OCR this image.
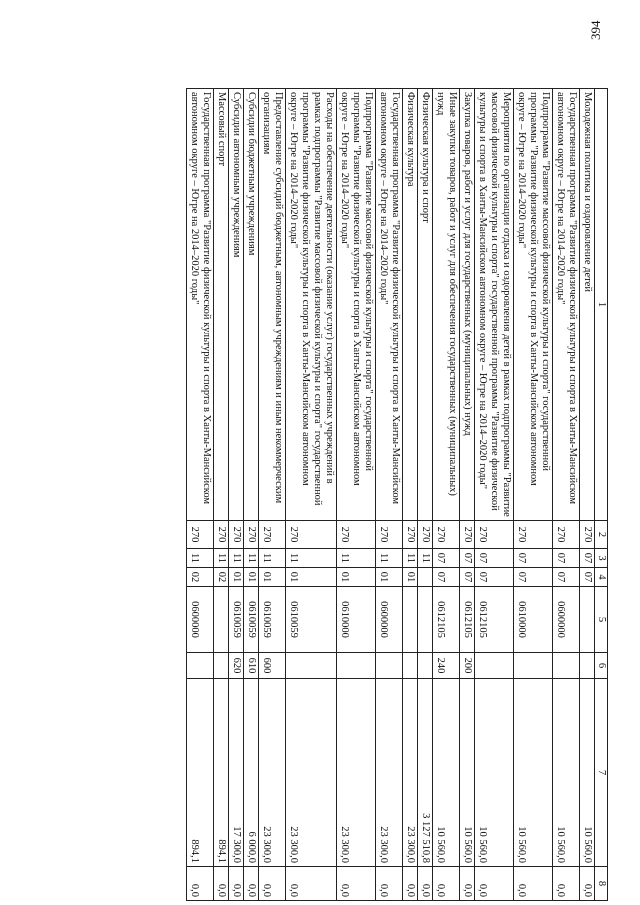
394
1	2	3	4	5	6	7	8
Молодежная политика и оздоровление детей	270	07	07			10 560,0	0,0
Государственная программа "Развитие физической культуры и спорта в Ханты-Мансийском автономном округе – Югре на 2014–2020 годы"	270	07	07	0600000		10 560,0	0,0
Подпрограмма "Развитие массовой физической культуры и спорта" государственной программы "Развитие физической культуры и спорта в Ханты-Мансийском автономном округе – Югре на 2014–2020 годы"	270	07	07	0610000		10 560,0	0,0
Мероприятия по организации отдыха и оздоровления детей в рамках подпрограммы "Развитие массовой физической культуры и спорта" государственной программы "Развитие физической культуры и спорта в Ханты-Мансийском автономном округе – Югре на 2014–2020 годы"	270	07	07	0612105		10 560,0	0,0
Закупка товаров, работ и услуг для государственных (муниципальных) нужд	270	07	07	0612105	200	10 560,0	0,0
Иные закупки товаров, работ и услуг для обеспечения государственных (муниципальных) нужд	270	07	07	0612105	240	10 560,0	0,0
Физическая культура и спорт	270	11				3 127 510,8	0,0
Физическая культура	270	11	01			23 300,0	0,0
Государственная программа "Развитие физической культуры и спорта в Ханты-Мансийском автономном округе – Югре на 2014–2020 годы"	270	11	01	0600000		23 300,0	0,0
Подпрограмма "Развитие массовой физической культуры и спорта" государственной программы "Развитие физической культуры и спорта в Ханты-Мансийском автономном округе – Югре на 2014–2020 годы"	270	11	01	0610000		23 300,0	0,0
Расходы на обеспечение деятельности (оказание услуг) государственных учреждений в рамках подпрограммы "Развитие массовой физической культуры и спорта" государственной программы "Развитие физической культуры и спорта в Ханты-Мансийском автономном округе – Югре на 2014–2020 годы"	270	11	01	0610059		23 300,0	0,0
Предоставление субсидий бюджетным, автономным учреждениям и иным некоммерческим организациям	270	11	01	0610059	600	23 300,0	0,0
Субсидии бюджетным учреждениям	270	11	01	0610059	610	6 000,0	0,0
Субсидии автономным учреждениям	270	11	01	0610059	620	17 300,0	0,0
Массовый спорт	270	11	02			894,1	0,0
Государственная программа "Развитие физической культуры и спорта в Ханты-Мансийском автономном округе – Югре на 2014–2020 годы"	270	11	02	0600000		894,1	0,0
